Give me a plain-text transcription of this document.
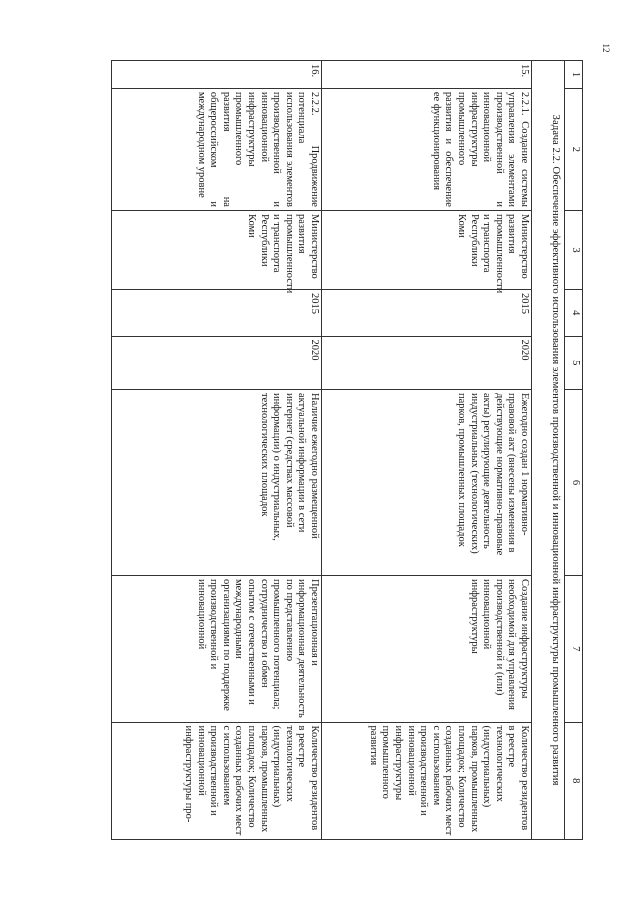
12
1	2	3	4	5	6	7	8
Задача 2.2. Обеспечение эффективного использования элементов производственной и инновационной инфраструктуры промышленного развития							
15.	2.2.1. Создание системы управления элементами производственной и инновационной инфраструктуры промышленного развития и обеспечение ее функционирования	Министерство развития промышленности и транспорта Республики Коми	2015	2020	Ежегодно создан 1 нормативно-правовой акт (внесены изменения в действующие нормативно-правовые акты) регулирующие деятельность индустриальных (технологических) парков, промышленных площадок	Создание инфраструктуры необходимой для управления производственной и (или) инновационной инфраструктуры	Количество резидентов в реестре технологических (индустриальных) парков, промышленных площадок; Количество созданных рабочих мест с использованием производственной и инновационной инфраструктуры промышленного развития
16.	2.2.2. Продвижение потенциала использования элементов производственной и инновационной инфраструктуры промышленного развития на общероссийском и международном уровне	Министерство развития промышленности и транспорта Республики Коми	2015	2020	Наличие ежегодно размещенной актуальной информации в сети интернет (средствах массовой информации) о индустриальных, технологических площадок	Презентационная и информационная деятельность по представлению промышленного потенциала; сотрудничество и обмен опытом с отечественными и международными организациями по поддержке производственной и инновационной	Количество резидентов в реестре технологических (индустриальных) парков, промышленных площадок; Количество созданных рабочих мест с использованием производственной и инновационной инфраструктуры про-
